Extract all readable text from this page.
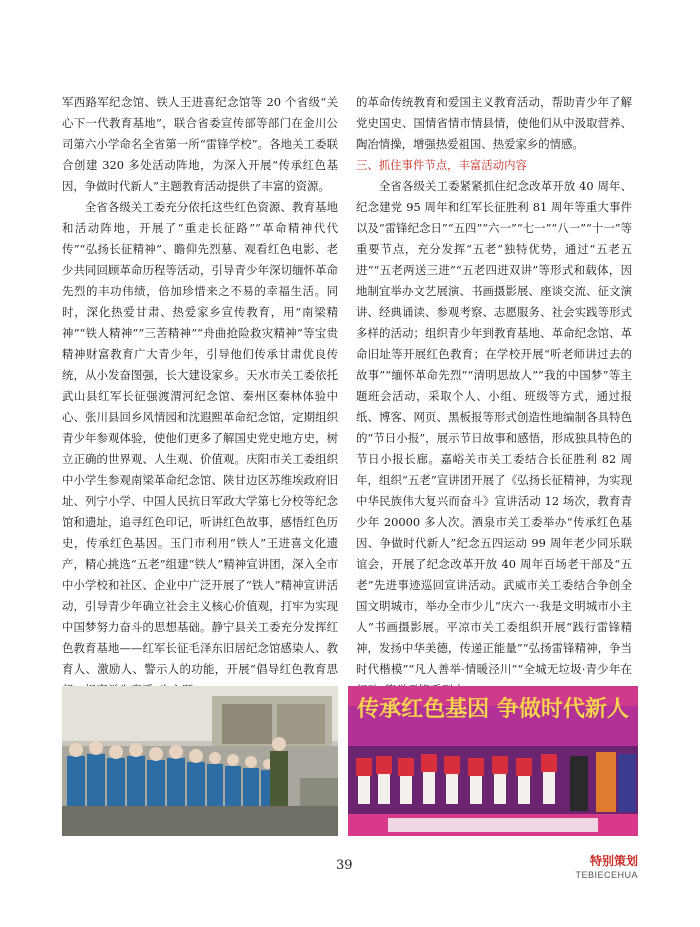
军西路军纪念馆、铁人王进喜纪念馆等 20 个省级“关心下一代教育基地”，联合省委宣传部等部门在金川公司第六小学命名全省第一所“雷锋学校”。各地关工委联合创建 320 多处活动阵地，为深入开展“传承红色基因，争做时代新人”主题教育活动提供了丰富的资源。

全省各级关工委充分依托这些红色资源、教育基地和活动阵地，开展了“重走长征路”“革命精神代代传”“弘扬长征精神”、瞻仰先烈墓、观看红色电影、老少共同回顾革命历程等活动，引导青少年深切缅怀革命先烈的丰功伟绩，倍加珍惜来之不易的幸福生活。同时，深化热爱甘肃、热爱家乡宣传教育，用“南梁精神”“铁人精神”“三苦精神”“舟曲抢险救灾精神”等宝贵精神财富教育广大青少年，引导他们传承甘肃优良传统，从小发奋图强，长大建设家乡。天水市关工委依托武山县红军长征强渡渭河纪念馆、秦州区秦林体验中心、张川县回乡风情园和沈遐熙革命纪念馆，定期组织青少年参观体验，使他们更多了解国史党史地方史，树立正确的世界观、人生观、价值观。庆阳市关工委组织中小学生参观南梁革命纪念馆、陕甘边区苏维埃政府旧址、列宁小学、中国人民抗日军政大学第七分校等纪念馆和遗址，追寻红色印记，听讲红色故事，感悟红色历史，传承红色基因。玉门市利用“铁人”王进喜文化遗产，精心挑选“五老”组建“铁人”精神宣讲团，深入全市中小学校和社区、企业中广泛开展了“铁人”精神宣讲活动，引导青少年确立社会主义核心价值观，打牢为实现中国梦努力奋斗的思想基础。静宁县关工委充分发挥红色教育基地——红军长征毛泽东旧居纪念馆感染人、教育人、激励人、警示人的功能，开展“倡导红色教育思

的革命传统教育和爱国主义教育活动，帮助青少年了解党史国史、国情省情市情县情，使他们从中汲取营养、陶冶情操，增强热爱祖国、热爱家乡的情感。

三、抓住事件节点，丰富活动内容

全省各级关工委紧紧抓住纪念改革开放 40 周年、纪念建党 95 周年和红军长征胜利 81 周年等重大事件以及“雷锋纪念日”“五四”“六一”“七一”“八一”“十一”等重要节点，充分发挥“五老”独特优势，通过“五老五进”“五老两送三进”“五老四进双讲”等形式和载体，因地制宜举办文艺展演、书画摄影展、座谈交流、征文演讲、经典诵读、参观考察、志愿服务、社会实践等形式多样的活动；组织青少年到教育基地、革命纪念馆、革命旧址等开展红色教育；在学校开展“听老师讲过去的故事”“缅怀革命先烈”“清明思故人”“我的中国梦”等主题班会活动，采取个人、小组、班级等方式，通过报纸、博客、网页、黑板报等形式创造性地编制各具特色的“节日小报”，展示节日故事和感悟，形成独具特色的节日小报长廊。嘉峪关市关工委结合长征胜利 82 周年，组织“五老”宣讲团开展了《弘扬长征精神，为实现中华民族伟大复兴而奋斗》宣讲活动 12 场次，教育青少年 20000 多人次。酒泉市关工委举办“传承红色基因、争做时代新人”纪念五四运动 99 周年老少同乐联谊会，开展了纪念改革开放 40 周年百场老干部及“五老”先进事迹巡回宣讲活动。武威市关工委结合争创全国文明城市，举办全市少儿“庆六一·我是文明城市小主人”书画摄影展。平凉市关工委组织开展“践行雷锋精神，发扬中华美德，传递正能量”“弘扬雷锋精神，争当时代楷模”“凡人善举·情暖泾川”“全城无垃圾·青少年在

传承红色基因 争做时代新人
39	特别策划
TEBIECEHUA
